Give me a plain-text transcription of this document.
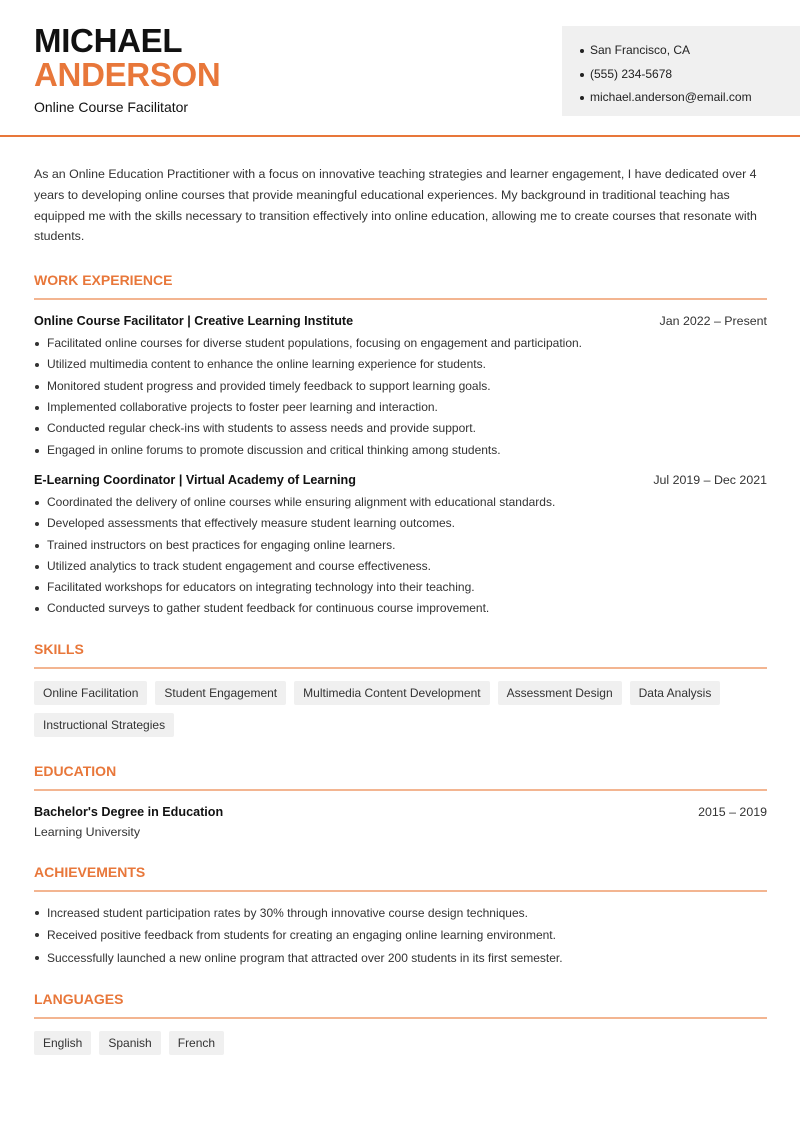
MICHAEL
ANDERSON
Online Course Facilitator
San Francisco, CA
(555) 234-5678
michael.anderson@email.com

As an Online Education Practitioner with a focus on innovative teaching strategies and learner engagement, I have dedicated over 4 years to developing online courses that provide meaningful educational experiences. My background in traditional teaching has equipped me with the skills necessary to transition effectively into online education, allowing me to create courses that resonate with students.

WORK EXPERIENCE
Online Course Facilitator | Creative Learning Institute	Jan 2022 – Present
Facilitated online courses for diverse student populations, focusing on engagement and participation.
Utilized multimedia content to enhance the online learning experience for students.
Monitored student progress and provided timely feedback to support learning goals.
Implemented collaborative projects to foster peer learning and interaction.
Conducted regular check-ins with students to assess needs and provide support.
Engaged in online forums to promote discussion and critical thinking among students.
E-Learning Coordinator | Virtual Academy of Learning	Jul 2019 – Dec 2021
Coordinated the delivery of online courses while ensuring alignment with educational standards.
Developed assessments that effectively measure student learning outcomes.
Trained instructors on best practices for engaging online learners.
Utilized analytics to track student engagement and course effectiveness.
Facilitated workshops for educators on integrating technology into their teaching.
Conducted surveys to gather student feedback for continuous course improvement.
SKILLS
Online Facilitation	Student Engagement	Multimedia Content Development	Assessment Design	Data Analysis
Instructional Strategies
EDUCATION
Bachelor's Degree in Education	2015 – 2019
Learning University
ACHIEVEMENTS
Increased student participation rates by 30% through innovative course design techniques.
Received positive feedback from students for creating an engaging online learning environment.
Successfully launched a new online program that attracted over 200 students in its first semester.
LANGUAGES
English	Spanish	French
